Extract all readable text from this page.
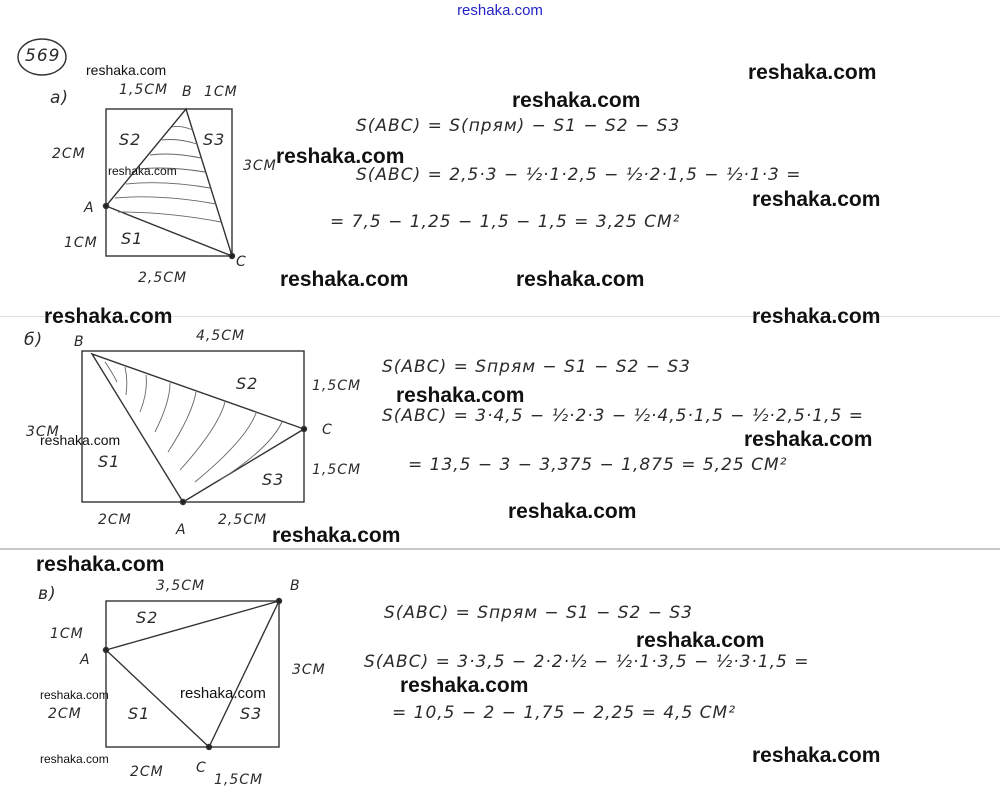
reshaka.com
569
а)	1,5CM B 1CM
2CM
3CM
A
1CM
C
2,5CM
S1
S2	S3
S(ABC) = S(прям) − S1 − S2 − S3
S(ABC) = 2,5·3 − ½·1·2,5 − ½·2·1,5 − ½·1·3 =
= 7,5 − 1,25 − 1,5 − 1,5 = 3,25 CM²
б) B	4,5CM
1,5CM
C
3CM
1,5CM
2CM
A
2,5CM
S1
S2
S3
S(ABC) = Sпрям − S1 − S2 − S3
S(ABC) = 3·4,5 − ½·2·3 − ½·4,5·1,5 − ½·2,5·1,5 =
= 13,5 − 3 − 3,375 − 1,875 = 5,25 CM²
в)	3,5CM	B
1CM
A
3CM
2CM
2CM C
1,5CM
S1
S2
S3
S(ABC) = Sпрям − S1 − S2 − S3
S(ABC) = 3·3,5 − 2·2·½ − ½·1·3,5 − ½·3·1,5 =
= 10,5 − 2 − 1,75 − 2,25 = 4,5 CM²
reshaka.com	reshaka.com
reshaka.com
reshaka.com
reshaka.com
reshaka.com
reshaka.com	reshaka.com
reshaka.com	reshaka.com
reshaka.com
reshaka.com	reshaka.com
reshaka.com
reshaka.com
reshaka.com
reshaka.com
reshaka.com
reshaka.com
reshaka.com
reshaka.com
reshaka.com
